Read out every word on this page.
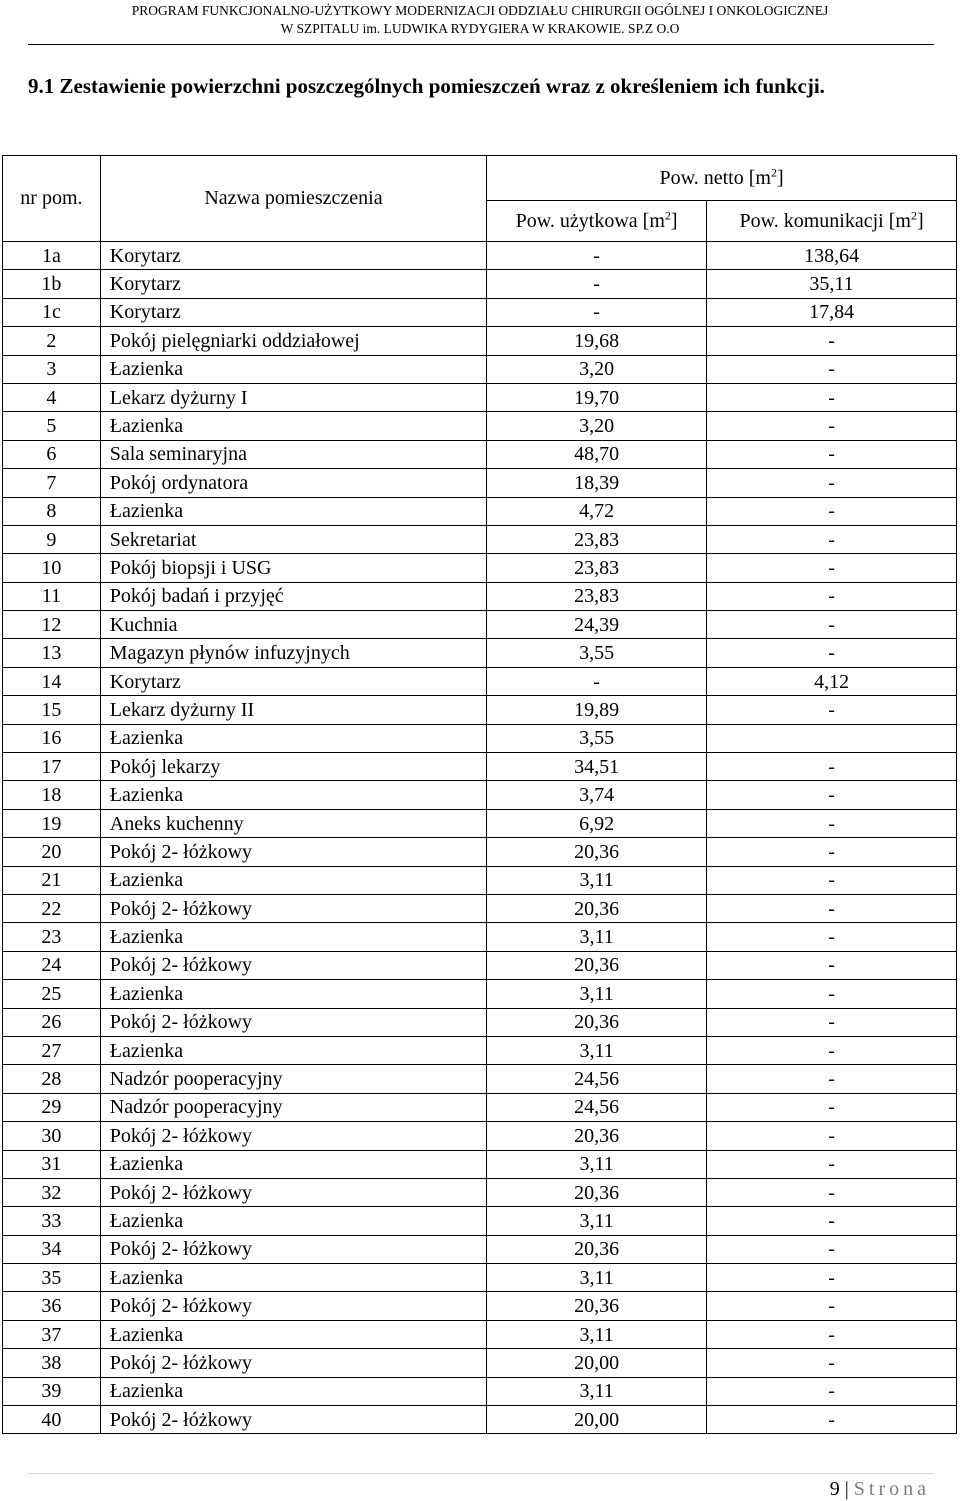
PROGRAM FUNKCJONALNO-UŻYTKOWY MODERNIZACJI ODDZIAŁU CHIRURGII OGÓLNEJ I ONKOLOGICZNEJ
W SZPITALU im. LUDWIKA RYDYGIERA W KRAKOWIE. SP.Z O.O
9.1 Zestawienie powierzchni poszczególnych pomieszczeń wraz z określeniem ich funkcji.
nr pom.	Nazwa pomieszczenia	Pow. netto $[m^2]$	
		Pow. użytkowa $[m^2]$	Pow. komunikacji $[m^2]$
1a	Korytarz	-	138,64
1b	Korytarz	-	35,11
1c	Korytarz	-	17,84
2	Pokój pielęgniarki oddziałowej	19,68	-
3	Łazienka	3,20	-
4	Lekarz dyżurny I	19,70	-
5	Łazienka	3,20	-
6	Sala seminaryjna	48,70	-
7	Pokój ordynatora	18,39	-
8	Łazienka	4,72	-
9	Sekretariat	23,83	-
10	Pokój biopsji i USG	23,83	-
11	Pokój badań i przyjęć	23,83	-
12	Kuchnia	24,39	-
13	Magazyn płynów infuzyjnych	3,55	-
14	Korytarz	-	4,12
15	Lekarz dyżurny II	19,89	-
16	Łazienka	3,55	
17	Pokój lekarzy	34,51	-
18	Łazienka	3,74	-
19	Aneks kuchenny	6,92	-
20	Pokój 2- łóżkowy	20,36	-
21	Łazienka	3,11	-
22	Pokój 2- łóżkowy	20,36	-
23	Łazienka	3,11	-
24	Pokój 2- łóżkowy	20,36	-
25	Łazienka	3,11	-
26	Pokój 2- łóżkowy	20,36	-
27	Łazienka	3,11	-
28	Nadzór pooperacyjny	24,56	-
29	Nadzór pooperacyjny	24,56	-
30	Pokój 2- łóżkowy	20,36	-
31	Łazienka	3,11	-
32	Pokój 2- łóżkowy	20,36	-
33	Łazienka	3,11	-
34	Pokój 2- łóżkowy	20,36	-
35	Łazienka	3,11	-
36	Pokój 2- łóżkowy	20,36	-
37	Łazienka	3,11	-
38	Pokój 2- łóżkowy	20,00	-
39	Łazienka	3,11	-
40	Pokój 2- łóżkowy	20,00	-
9 | Strona
